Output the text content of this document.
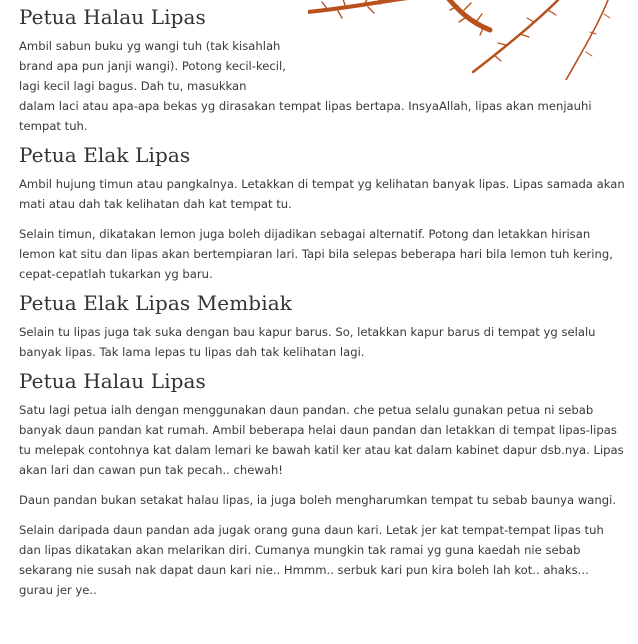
Petua Halau Lipas

Ambil sabun buku yg wangi tuh (tak kisahlah brand apa pun janji wangi). Potong kecil-kecil, lagi kecil lagi bagus. Dah tu, masukkan

dalam laci atau apa-apa bekas yg dirasakan tempat lipas bertapa. InsyaAllah, lipas akan menjauhi tempat tuh.

Petua Elak Lipas

Ambil hujung timun atau pangkalnya. Letakkan di tempat yg kelihatan banyak lipas. Lipas samada akan mati atau dah tak kelihatan dah kat tempat tu.

Selain timun, dikatakan lemon juga boleh dijadikan sebagai alternatif. Potong dan letakkan hirisan lemon kat situ dan lipas akan bertempiaran lari. Tapi bila selepas beberapa hari bila lemon tuh kering, cepat-cepatlah tukarkan yg baru.

Petua Elak Lipas Membiak

Selain tu lipas juga tak suka dengan bau kapur barus. So, letakkan kapur barus di tempat yg selalu banyak lipas. Tak lama lepas tu lipas dah tak kelihatan lagi.

Petua Halau Lipas

Satu lagi petua ialh dengan menggunakan daun pandan. che petua selalu gunakan petua ni sebab banyak daun pandan kat rumah. Ambil beberapa helai daun pandan dan letakkan di tempat lipas-lipas tu melepak contohnya kat dalam lemari ke bawah katil ker atau kat dalam kabinet dapur dsb.nya. Lipas akan lari dan cawan pun tak pecah.. chewah!

Daun pandan bukan setakat halau lipas, ia juga boleh mengharumkan tempat tu sebab baunya wangi.

Selain daripada daun pandan ada jugak orang guna daun kari. Letak jer kat tempat-tempat lipas tuh dan lipas dikatakan akan melarikan diri. Cumanya mungkin tak ramai yg guna kaedah nie sebab sekarang nie susah nak dapat daun kari nie.. Hmmm.. serbuk kari pun kira boleh lah kot.. ahaks... gurau jer ye..
